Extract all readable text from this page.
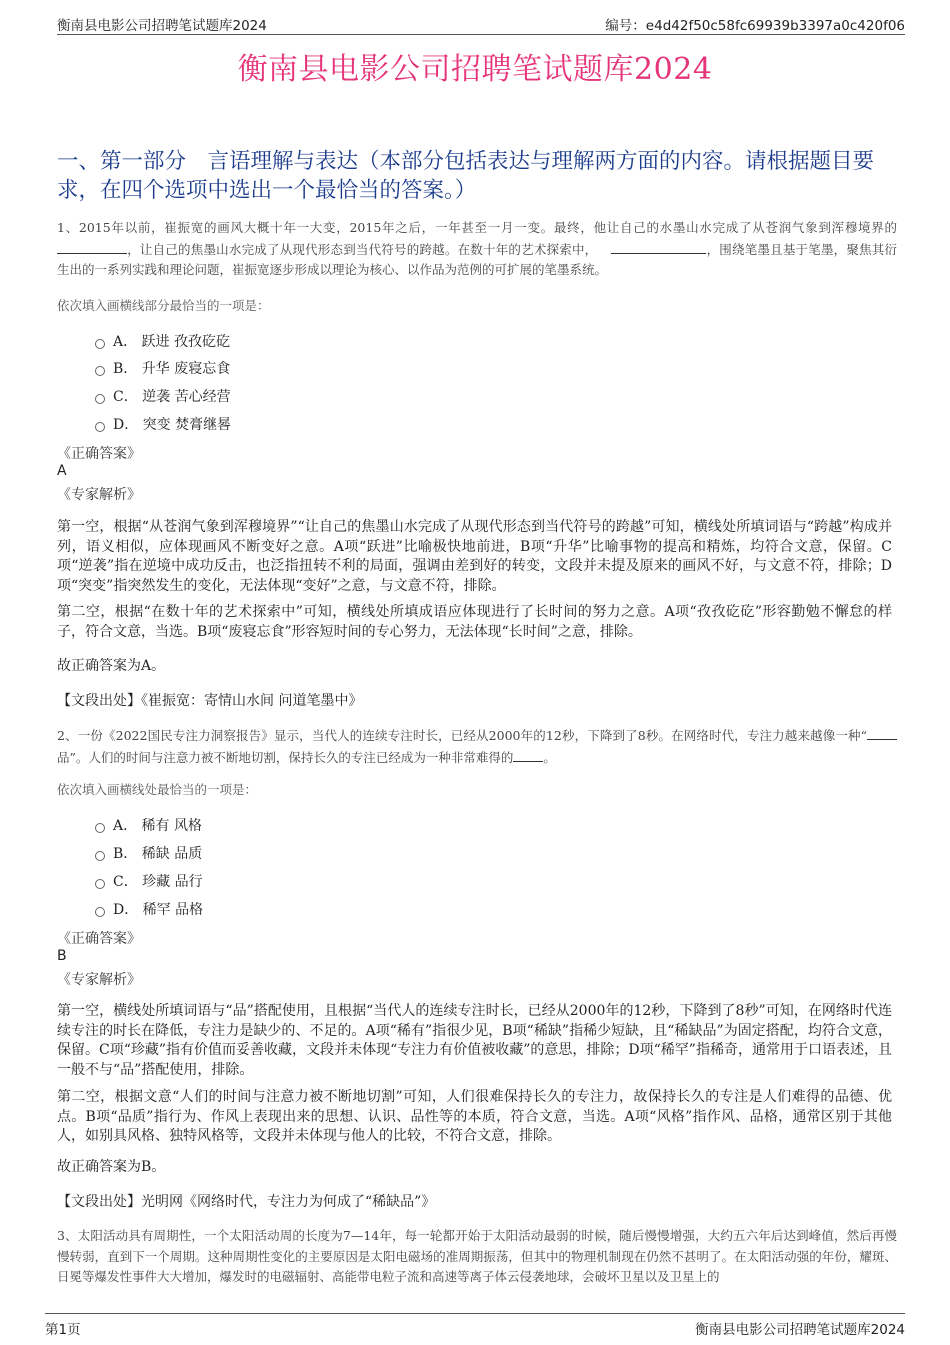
衡南县电影公司招聘笔试题库2024	编号：e4d42f50c58fc69939b3397a0c420f06
衡南县电影公司招聘笔试题库2024
一、第一部分　言语理解与表达（本部分包括表达与理解两方面的内容。请根据题目要求，在四个选项中选出一个最恰当的答案。）
1、2015年以前，崔振宽的画风大概十年一大变，2015年之后，一年甚至一月一变。最终，他让自己的水墨山水完成了从苍润气象到浑穆境界的，让自己的焦墨山水完成了从现代形态到当代符号的跨越。在数十年的艺术探索中，	，围绕笔墨且基于笔墨，聚焦其衍生出的一系列实践和理论问题，崔振宽逐步形成以理论为核心、以作品为范例的可扩展的笔墨系统。
依次填入画横线部分最恰当的一项是：
A． 跃进 孜孜矻矻
B． 升华 废寝忘食
C． 逆袭 苦心经营
D． 突变 焚膏继晷
《正确答案》
A
《专家解析》
第一空，根据“从苍润气象到浑穆境界”“让自己的焦墨山水完成了从现代形态到当代符号的跨越”可知，横线处所填词语与“跨越”构成并列，语义相似，应体现画风不断变好之意。A项“跃进”比喻极快地前进，B项“升华”比喻事物的提高和精炼，均符合文意，保留。C项“逆袭”指在逆境中成功反击，也泛指扭转不利的局面，强调由差到好的转变，文段并未提及原来的画风不好，与文意不符，排除；D项“突变”指突然发生的变化，无法体现“变好”之意，与文意不符，排除。
第二空，根据“在数十年的艺术探索中”可知，横线处所填成语应体现进行了长时间的努力之意。A项“孜孜矻矻”形容勤勉不懈怠的样子，符合文意，当选。B项“废寝忘食”形容短时间的专心努力，无法体现“长时间”之意，排除。
故正确答案为A。
【文段出处】《崔振宽：寄情山水间 问道笔墨中》
2、一份《2022国民专注力洞察报告》显示，当代人的连续专注时长，已经从2000年的12秒，下降到了8秒。在网络时代，专注力越来越像一种“品”。人们的时间与注意力被不断地切割，保持长久的专注已经成为一种非常难得的 。
依次填入画横线处最恰当的一项是：
A． 稀有 风格
B． 稀缺 品质
C． 珍藏 品行
D． 稀罕 品格
《正确答案》
B
《专家解析》
第一空，横线处所填词语与“品”搭配使用，且根据“当代人的连续专注时长，已经从2000年的12秒，下降到了8秒”可知，在网络时代连续专注的时长在降低，专注力是缺少的、不足的。A项“稀有”指很少见，B项“稀缺”指稀少短缺，且“稀缺品”为固定搭配，均符合文意，保留。C项“珍藏”指有价值而妥善收藏，文段并未体现“专注力有价值被收藏”的意思，排除；D项“稀罕”指稀奇，通常用于口语表述，且一般不与“品”搭配使用，排除。
第二空，根据文意“人们的时间与注意力被不断地切割”可知，人们很难保持长久的专注力，故保持长久的专注是人们难得的品德、优点。B项“品质”指行为、作风上表现出来的思想、认识、品性等的本质，符合文意，当选。A项“风格”指作风、品格，通常区别于其他人，如别具风格、独特风格等，文段并未体现与他人的比较，不符合文意，排除。
故正确答案为B。
【文段出处】光明网《网络时代，专注力为何成了“稀缺品”》
3、太阳活动具有周期性，一个太阳活动周的长度为7—14年，每一轮都开始于太阳活动最弱的时候，随后慢慢增强，大约五六年后达到峰值，然后再慢慢转弱，直到下一个周期。这种周期性变化的主要原因是太阳电磁场的准周期振荡，但其中的物理机制现在仍然不甚明了。在太阳活动强的年份，耀斑、日冕等爆发性事件大大增加，爆发时的电磁辐射、高能带电粒子流和高速等离子体云侵袭地球，会破坏卫星以及卫星上的
第1页	衡南县电影公司招聘笔试题库2024
